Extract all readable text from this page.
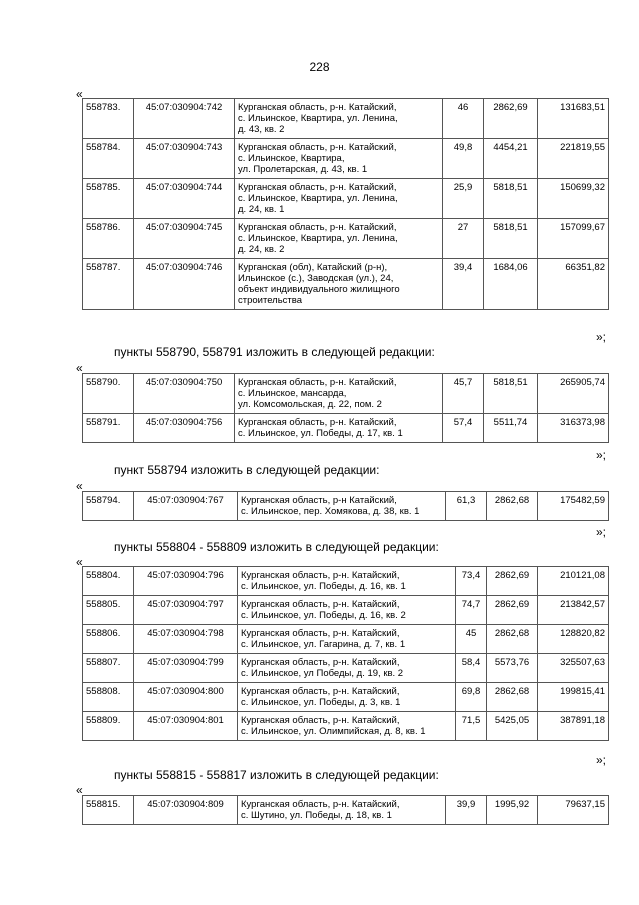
228
«
558783.	45:07:030904:742	Курганская область, р-н. Катайский,
с. Ильинское, Квартира, ул. Ленина,
д. 43, кв. 2	46	2862,69	131683,51
558784.	45:07:030904:743	Курганская область, р-н. Катайский,
с. Ильинское, Квартира,
ул. Пролетарская, д. 43, кв. 1	49,8	4454,21	221819,55
558785.	45:07:030904:744	Курганская область, р-н. Катайский,
с. Ильинское, Квартира, ул. Ленина,
д. 24, кв. 1	25,9	5818,51	150699,32
558786.	45:07:030904:745	Курганская область, р-н. Катайский,
с. Ильинское, Квартира, ул. Ленина,
д. 24, кв. 2	27	5818,51	157099,67
558787.	45:07:030904:746	Курганская (обл), Катайский (р-н),
Ильинское (с.), Заводская (ул.), 24,
объект индивидуального жилищного
строительства	39,4	1684,06	66351,82
»;
пункты 558790, 558791 изложить в следующей редакции:
«
558790.	45:07:030904:750	Курганская область, р-н. Катайский,
с. Ильинское, мансарда,
ул. Комсомольская, д. 22, пом. 2	45,7	5818,51	265905,74
558791.	45:07:030904:756	Курганская область, р-н. Катайский,
с. Ильинское, ул. Победы, д. 17, кв. 1	57,4	5511,74	316373,98
»;
пункт 558794 изложить в следующей редакции:
«
558794.	45:07:030904:767	Курганская область, р-н Катайский,
с. Ильинское, пер. Хомякова, д. 38, кв. 1
	61,3	2862,68	175482,59
»;
пункты 558804 - 558809 изложить в следующей редакции:
«
558804.	45:07:030904:796	Курганская область, р-н. Катайский,
с. Ильинское, ул. Победы, д. 16, кв. 1	73,4	2862,69	210121,08
558805.	45:07:030904:797	Курганская область, р-н. Катайский,
с. Ильинское, ул. Победы, д. 16, кв. 2	74,7	2862,69	213842,57
558806.	45:07:030904:798	Курганская область, р-н. Катайский,
с. Ильинское, ул. Гагарина, д. 7, кв. 1	45	2862,68	128820,82
558807.	45:07:030904:799	Курганская область, р-н. Катайский,
с. Ильинское, ул Победы, д. 19, кв. 2	58,4	5573,76	325507,63
558808.	45:07:030904:800	Курганская область, р-н. Катайский,
с. Ильинское, ул. Победы, д. 3, кв. 1	69,8	2862,68	199815,41
558809.	45:07:030904:801	Курганская область, р-н. Катайский,
с. Ильинское, ул. Олимпийская, д. 8, кв. 1	71,5	5425,05	387891,18
»;
пункты 558815 - 558817 изложить в следующей редакции:
«
558815.	45:07:030904:809	Курганская область, р-н. Катайский,
с. Шутино, ул. Победы, д. 18, кв. 1
	39,9	1995,92	79637,15
